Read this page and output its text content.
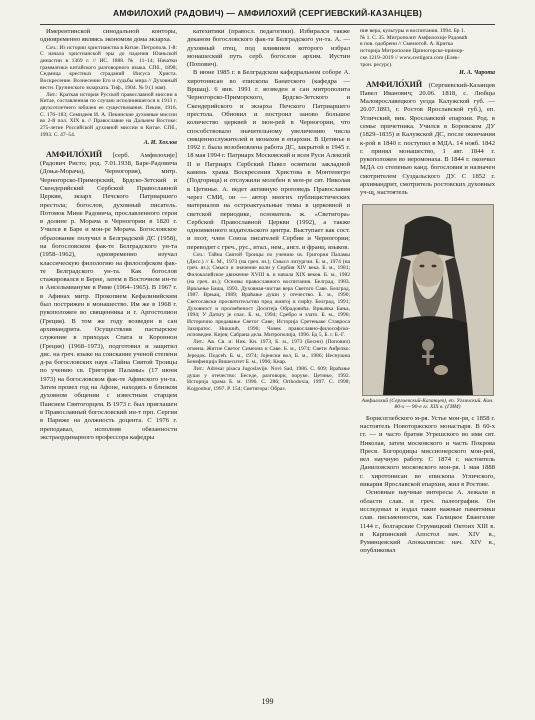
АМФИЛОХИЙ (РАДОВИЧ) — АМФИЛОХИЙ (СЕРГИЕВСКИЙ-КАЗАНЦЕВ)

Имерентинской синодальной конторы, одновременно являясь экономом дома экзарха.

Соч.: Из истории христианства в Китае. Петрополь 1-й: С начала христианской эры до падения Юаньской династии в 1369 г. // ИС. 1888. № 11–14; Начатки грамматики китайского разговорного языка. СПб., 1898; Седмица крестных страданий Иисуса Христа. Воскресение. Вознесение Его и судьбы мира // Духовный вестн. Грузинского экзархата. Тиф., 1904. № 9 (1 мая).

Лит.: Краткая история Русской православной миссии в Китае, составленная по случаю исполнившегося в 1913 г. двухсотлетнего юбилея ее существования. Пекин, 1916. С. 176–183; Семидеев И. А. Пекинские духовные миссии во 2-й пол. XIX в. // Православие на Дальнем Востоке: 275-летие Российской духовной миссии в Китае. СПб., 1993. С. 47–54.

А. И. Хохлов

АМФИЛО́ХИЙ [серб. Амфилохије] (Радович Ристо; род. 7.01.1938, Баре-Радовича (Доња-Морача), Черногория), митр. Черногорско-Приморский, Брдско-Зетский и Скендерийский Сербской Православной Церкви, экзарх Печского Патриаршего престола; богослов, духовный писатель. Потомок Мине Радовича, прославленного героя в долине р. Морача в Черногории в 1820 г. Учился в Баре и мон-ре Морача. Богословское образование получил в Белградской ДС (1958), на богословском фак-те Белградского ун-та (1958–1962), одновременно изучал классическую филологию на философском фак-те Белградского ун-та. Как богослов стажировался в Берне, затем в Восточном ин-те и Ансельмиануме в Риме (1964–1965). В 1967 г. в Афинах митр. Прокопием Кефалинийским был пострижен в монашество. Им же в 1968 г. рукоположен во священника и г. Аргостолион (Греция). В том же году возведен в сан архимандрита. Осуществляя пастырское служение в приходах Спата и Короннон (Греция) (1968–1973), подготовил и защитил дис. на греч. языке на соискание ученой степени д-ра богословских наук «Тайна Святой Троицы по учению св. Григория Паламы» (17 июня 1973) на богословском фак-те Афинского ун-та. Затем провел год на Афоне, находясь в близком духовном общении с известным старцем Паисием Святогорцем. В 1973 г. был приглашен в Православный богословский ин-т прп. Сергия в Париже на должность доцента. С 1976 г. преподавал, исполняя обязанности экстраординарного профессора кафедры

катехитики (правосл. педагогики). Избирался также деканом богословского фак-та Белградского ун-та. А. — духовный отец, под влиянием которого избрал монашеский путь серб. богослов архим. Иустин (Попович).

В июне 1985 г. в Белградском кафедральном соборе А. хиротонисан во епископа Банатского (кафедра — Вршац). 6 янв. 1991 г. возведен в сан митрополита Черногорско-Приморского, Брдско-Зетского и Скендерийского и экзарха Печского Патриаршего престола. Обновил и построил заново большое количество церквей и мон-рей в Черногории, что способствовало значительному увеличению числа священнослужителей и монахов в епархии. В Цетинье в 1992 г. была возобновлена работа ДС, закрытой в 1945 г. 18 мая 1994 г. Патриарх Московский и всея Руси Алексий II и Патриарх Сербский Павел освятили закладной камень храма Воскресения Христова в Монтенегро (Подгорица) и отслужили молебен в мон-ре свт. Николая в Цетинье. А. ведет активную проповедь Православия через СМИ, он — автор многих публицистических материалов на остроактуальные темы в церковной и светской периодике, основатель ж. «Светигора» Сербской Православной Церкви (1992), а также одноименного издательского центра. Выступает как сост. и поэт, член Союза писателей Сербии и Черногории; переводит с греч., рус., итал., нем., англ. и франц. языков.

Соч.: Тайна Святой Троицы по учению св. Григория Паламы (Дисс.) // Б. М., 1973 (на греч. яз.); Смысл литургии. Б. м., 1974 (на греч. яз.); Смысл и значение воли у Сербия XIV века. Б. м., 1981; Филокалийское движение XVIII в. и начала XIX веков. Б. м., 1982 (на греч. яз.); Основы православного воспитания. Белград, 1983. Врвљење Баша, 1993. Духовная-чистая вера Светого Саве. Белград, 1987. Врњац, 1989; Враћање души у отечество. Б. м., 1990; Светосавски просветитељство пред живтој и смрћу. Белград, 1991; Духовност и просвећеност Доситеја Обрадовића. Врњачка Бања, 1994; У Датьту је спас. Б. м., 1994; Сребро и злато. Б. м., 1996; Исторично предавање Светог Саве; Историја Сретењаке Ставроса Захиратос. Никшић, 1996; Човек православно-философско-исповедне. Кијев; Сабрана дела. Митрополија, 1996. Бд 5, Б. г. Б.-Г.

Лит.: Ав. Св. и: Ник. Кн. 1973, Б. м., 1973 (Бесни) (Попович) отмена. Житие Светог Симеона и Саве. Б. м., 1974; Свети Анђелко: Јередок. Подсећ. Б. м., 1974; Јојенски вол, Б. м., 1986; Неснушна Бенефенција Вишеситет Б. м., 1996; Кнар.

Лит.: Adresar pisaca Jugoslavije. Novi Sad, 1986. С. 609; Враћање души у отечество: Беседе, разговори, поруке. Цетиње, 1992. Историја храмa Б. м. 1996. С. 286; Orthodoxia, 1997. С. 1998; Kojgonbur, 1997. Р. 154; Светигора: Образ.

ние вера, культуры и воспитания. 1994. Бр 1.
№ 1. С. 35. Митрополит Амфилохије Радовић
в пов. одобрени // Смемотой. А. Критка
историја Митрополие Цриногорске-примор-
ске 1219–2019 // www.svetigora.com (Елек-
трон. ресурс).
И. А. Чарота

АМФИЛО́ХИЙ (Сергиевский-Казанцев Павел Иванович; 20.06. 1818, с. Любцы Малоярославецкого уезда Калужской губ. — 20.07.1893, г. Ростов Ярославской губ.), еп. Угличский, вик. Ярославской епархии. Род. в семье причетника. Учился в Боровском ДУ (1829–1835) и Калужской ДС, после окончания к-рой в 1840 г. поступил в МДА. 14 нояб. 1842 г. принял монашество, 1 авг. 1844 г. рукоположен во иеромонаха. В 1844 г. окончил МДА со степенью канд. богословия и назначен смотрителем Суздальского ДУ. С 1852 г. архимандрит, смотритель ростовских духовных уч-щ, настоятель

Амфилохий (Сергиевский-Казанцев), еп. Угличский. Кон. 80-х — 90-е гг. XIX в. (ГИМ)

Борисоглебского м-ря. Устье мон-ря, с 1858 г. настоятель Новоторжского монастыря. В 60-х гг. — и часто братия Угрешского во имя свт. Николая, затем московского и часть Покрова Пресв. Богородицы миссионерского мон-рей, вел научную работу. С 1874 г. настоятель Даниловского московского мон-ря. 1 мая 1888 г. хиротонисан во епископа Угличского, викария Ярославской епархии, жил в Ростове.

Основные научные интересы А. лежали в области слав. и греч. палеографии. Он исследовал и издал такие важные памятники слав. письменности, как Галицкое Евангелие 1144 г., болгарские Струмицкий Октоих XIII в. и Карпинский Апостол нач. XIV в., Румянцевский Апокалипсис нач. XIV в., опубликовал

199
